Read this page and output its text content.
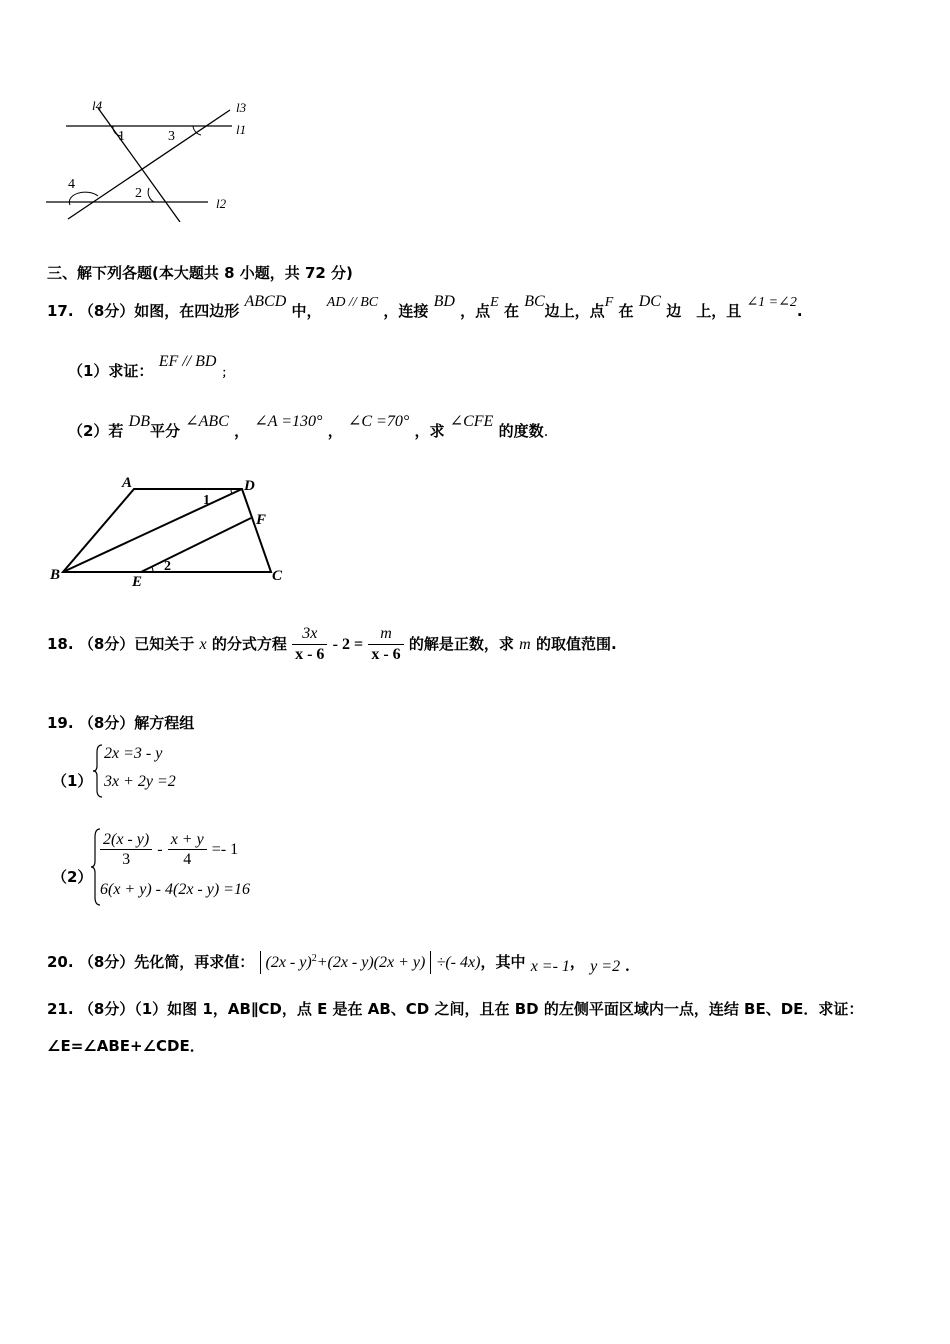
l4	l3
l1
l2
1	3
4
2
三、解下列各题(本大题共 8 小题，共 72 分)
17. （8分）如图，在四边形 ABCD 中， AD // BC ，连接 BD ，点E 在 BC边上，点F 在 DC 边　上，且 ∠1 =∠2.
（1）求证： EF // BD ；
（2）若 DB平分 ∠ABC ， ∠A =130° ， ∠C =70° ，求 ∠CFE 的度数.
A	D
F
B	E	C
1
2
18. （8分）已知关于 x 的分式方程 $\frac{3x}{x - 6} - 2 = \frac{m}{x - 6}$ 的解是正数，求 m 的取值范围.
19. （8分）解方程组
（1）
2x =3 - y
3x + 2y =2
（2）
$\frac{2(x - y)}{3} - \frac{x + y}{4} =- 1$
6(x + y) - 4(2x - y) =16
20. （8分）先化简，再求值： (2x - y)$^2$+(2x - y)(2x + y) ÷(- 4x)，其中 x =- 1， y =2 .
21. （8分）（1）如图 1，AB∥CD，点 E 是在 AB、CD 之间，且在 BD 的左侧平面区域内一点，连结 BE、DE．求证：
∠E=∠ABE+∠CDE．
